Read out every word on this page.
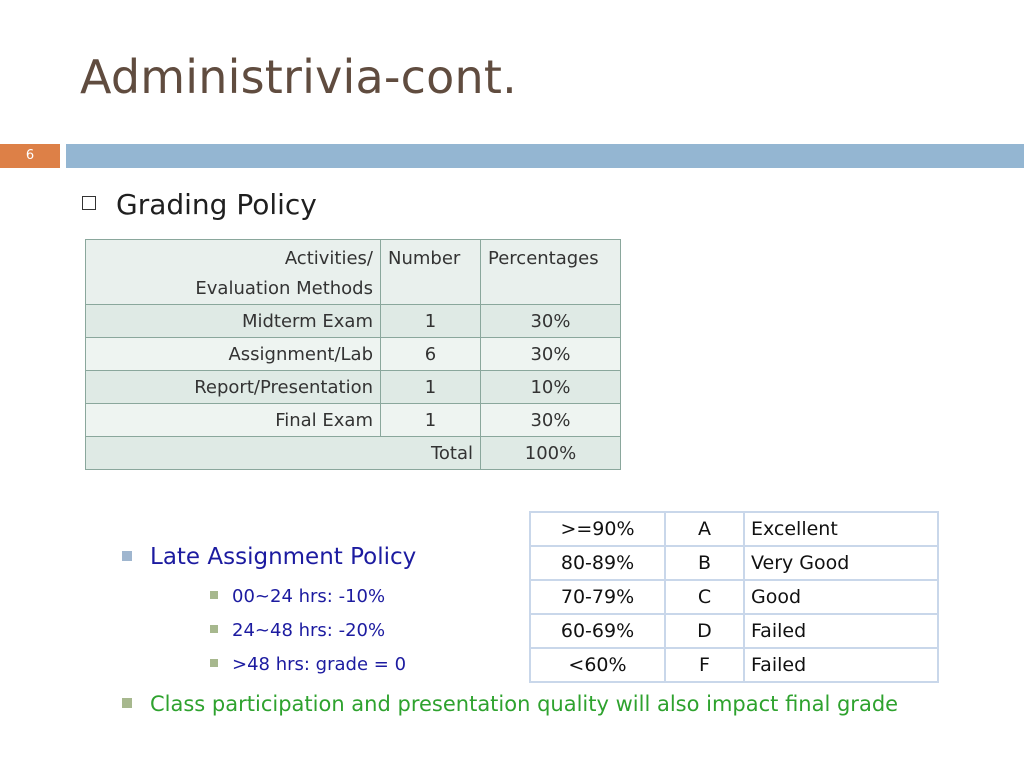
Administrivia-cont.
6
Grading Policy
Activities/
Evaluation Methods	Number	Percentages
Midterm Exam	1	30%
Assignment/Lab	6	30%
Report/Presentation	1	10%
Final Exam	1	30%
Total		100%
>=90%	A	Excellent
80-89%	B	Very Good
70-79%	C	Good
60-69%	D	Failed
<60%	F	Failed
Late Assignment Policy
00~24 hrs: -10%
24~48 hrs: -20%
>48 hrs: grade = 0
Class participation and presentation quality will also impact final grade
